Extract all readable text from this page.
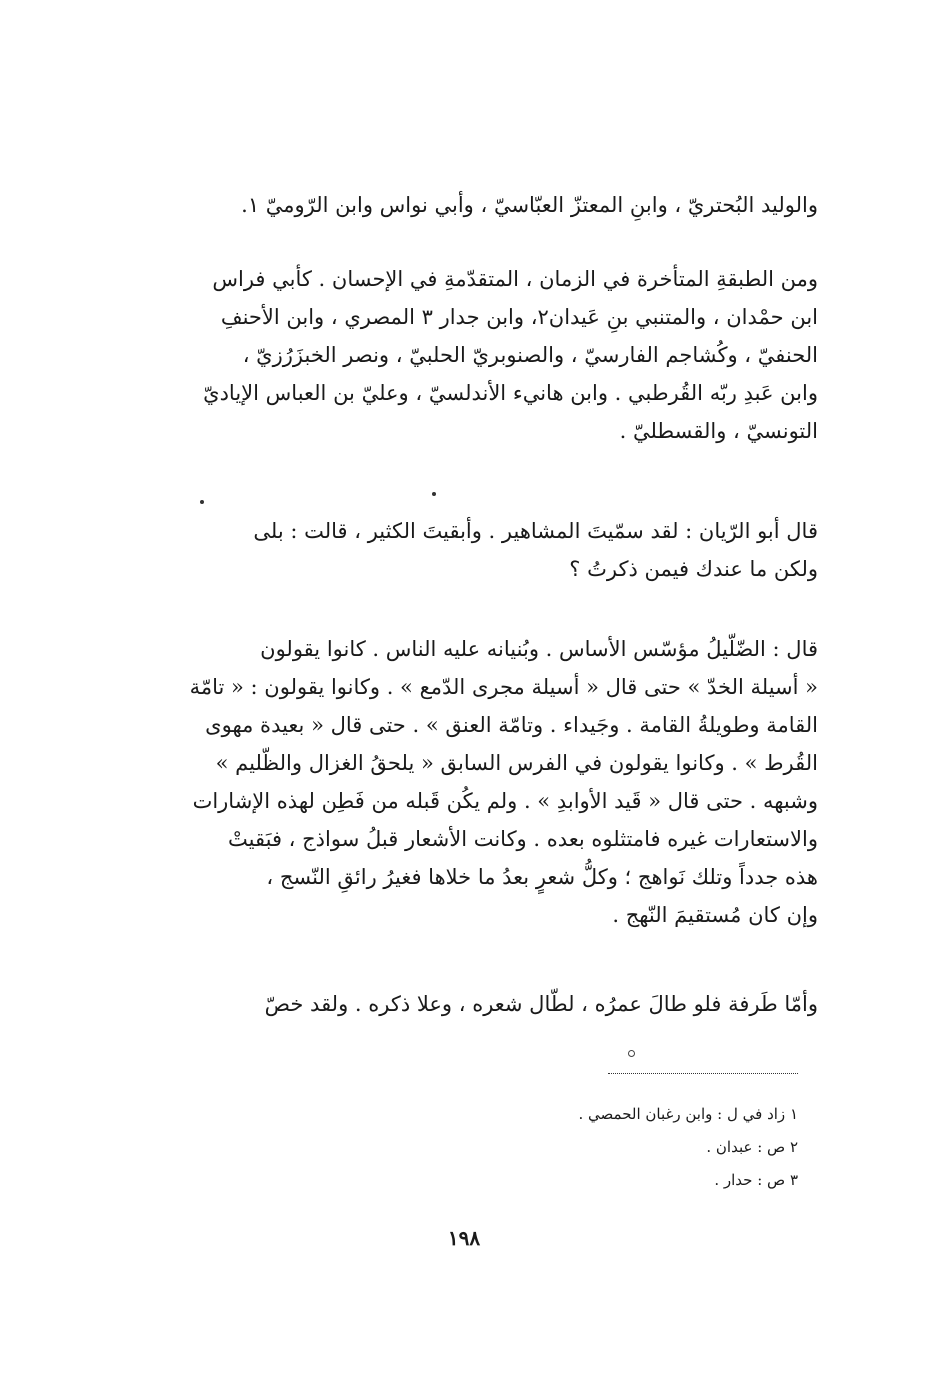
والوليد البُحتريّ ، وابنِ المعتزّ العبّاسيّ ، وأبي نواس وابن الرّوميّ ١.
ومن الطبقةِ المتأخرة في الزمان ، المتقدّمةِ في الإحسان . كأبي فراس
ابن حمْدان ، والمتنبي بنِ عَيدان٢، وابن جدار ٣ المصري ، وابن الأحنفِ
الحنفيّ ، وكُشاجم الفارسيّ ، والصنوبريّ الحلبيّ ، ونصر الخبزَرُزيّ ،
وابن عَبدِ ربّه القُرطبي . وابن هانيء الأندلسيّ ، وعليّ بن العباس الإياديّ
التونسيّ ، والقسطليّ .
قال أبو الرّيان : لقد سمّيتَ المشاهير . وأبقيتَ الكثير ، قالت : بلى
ولكن ما عندك فيمن ذكرتُ ؟
قال : الضّلّيلُ مؤسّس الأساس . وبُنيانه عليه الناس . كانوا يقولون
« أسيلة الخدّ » حتى قال « أسيلة مجرى الدّمع » . وكانوا يقولون : « تامّة
القامة وطويلةُ القامة . وجَيداء . وتامّة العنق » . حتى قال « بعيدة مهوى
القُرط » . وكانوا يقولون في الفرس السابق « يلحقُ الغزال والظّليم »
وشبهه . حتى قال « قَيد الأوابدِ » . ولم يكُن قَبله من فَطِن لهذه الإشارات
والاستعارات غيره فامتثلوه بعده . وكانت الأشعار قبلُ سواذج ، فبَقيتْ
هذه جدداً وتلك نَواهج ؛ وكلُّ شعرٍ بعدُ ما خلاها فغيرُ رائقِ النّسج ،
وإن كان مُستقيمَ النّهج .
وأمّا طَرفة فلو طالَ عمرُه ، لطّال شعره ، وعلا ذكره . ولقد خصّ
١ زاد في ل : وابن رغبان الحمصي .
٢ ص : عبدان .
٣ ص : حدار .
١٩٨
